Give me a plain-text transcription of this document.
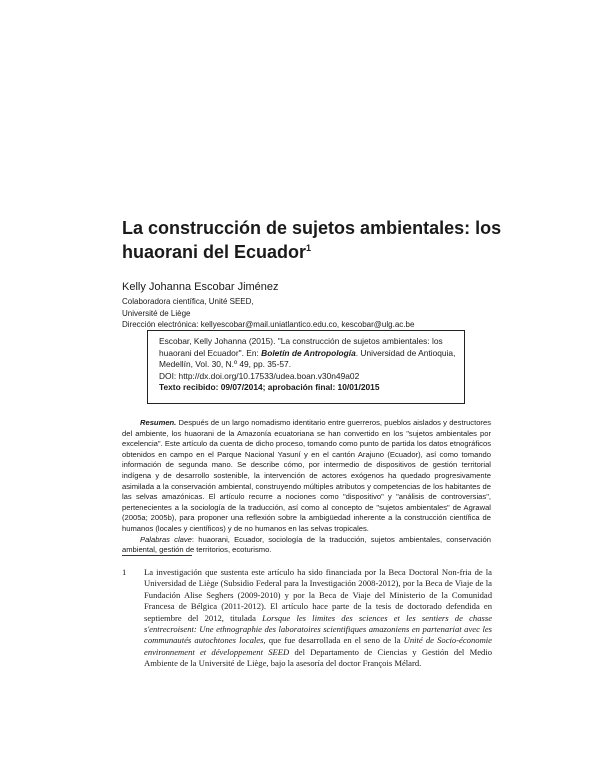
La construcción de sujetos ambientales: los huaorani del Ecuador$^1$

Kelly Johanna Escobar Jiménez

Colaboradora científica, Unité SEED,

Université de Liège

Dirección electrónica: kellyescobar@mail.uniatlantico.edu.co, kescobar@ulg.ac.be

Escobar, Kelly Johanna (2015). "La construcción de sujetos ambientales: los huaorani del Ecuador". En: Boletín de Antropología. Universidad de Antioquia, Medellín, Vol. 30, N.º 49, pp. 35-57.

DOI: http://dx.doi.org/10.17533/udea.boan.v30n49a02

Texto recibido: 09/07/2014; aprobación final: 10/01/2015

Resumen. Después de un largo nomadismo identitario entre guerreros, pueblos aislados y destructores del ambiente, los huaorani de la Amazonía ecuatoriana se han convertido en los "sujetos ambientales por excelencia". Este artículo da cuenta de dicho proceso, tomando como punto de partida los datos etnográficos obtenidos en campo en el Parque Nacional Yasuní y en el cantón Arajuno (Ecuador), así como tomando información de segunda mano. Se describe cómo, por intermedio de dispositivos de gestión territorial indígena y de desarrollo sostenible, la intervención de actores exógenos ha quedado progresivamente asimilada a la conservación ambiental, construyendo múltiples atributos y competencias de los habitantes de las selvas amazónicas. El artículo recurre a nociones como "dispositivo" y "análisis de controversias", pertenecientes a la sociología de la traducción, así como al concepto de "sujetos ambientales" de Agrawal (2005a; 2005b), para proponer una reflexión sobre la ambigüedad inherente a la construcción científica de humanos (locales y científicos) y de no humanos en las selvas tropicales.

Palabras clave: huaorani, Ecuador, sociología de la traducción, sujetos ambientales, conservación ambiental, gestión de territorios, ecoturismo.

1 La investigación que sustenta este artículo ha sido financiada por la Beca Doctoral Non-fria de la Universidad de Liège (Subsidio Federal para la Investigación 2008-2012), por la Beca de Viaje de la Fundación Alise Seghers (2009-2010) y por la Beca de Viaje del Ministerio de la Comunidad Francesa de Bélgica (2011-2012). El artículo hace parte de la tesis de doctorado defendida en septiembre del 2012, titulada Lorsque les limites des sciences et les sentiers de chasse s'entrecroisent: Une ethnographie des laboratoires scientifiques amazoniens en partenariat avec les communautés autochtones locales, que fue desarrollada en el seno de la Unité de Socio-économie environnement et développement SEED del Departamento de Ciencias y Gestión del Medio Ambiente de la Université de Liège, bajo la asesoría del doctor François Mélard.
